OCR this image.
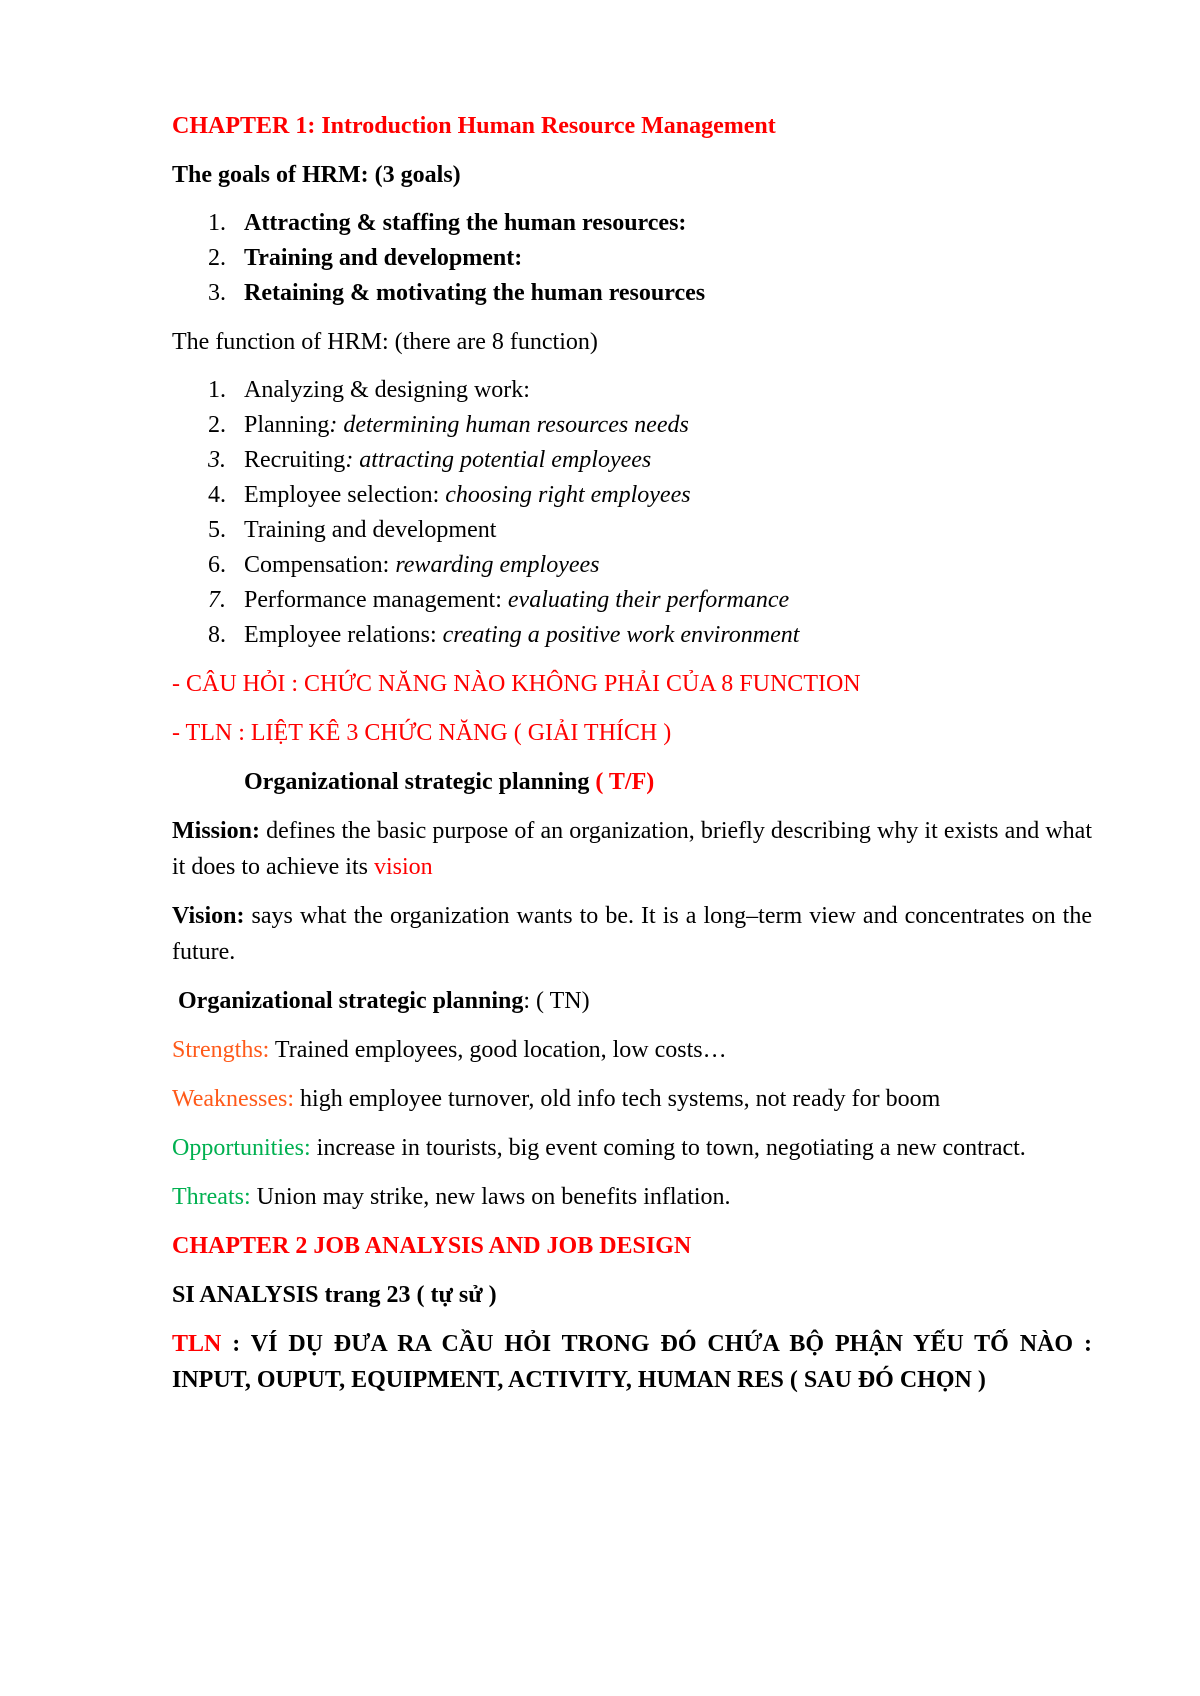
CHAPTER 1: Introduction Human Resource Management

The goals of HRM: (3 goals)

1. Attracting & staffing the human resources:
2. Training and development:
3. Retaining & motivating the human resources

The function of HRM: (there are 8 function)

1. Analyzing & designing work:
2. Planning: determining human resources needs
3. Recruiting: attracting potential employees
4. Employee selection: choosing right employees
5. Training and development
6. Compensation: rewarding employees
7. Performance management: evaluating their performance
8. Employee relations: creating a positive work environment

- CÂU HỎI : CHỨC NĂNG NÀO KHÔNG PHẢI CỦA 8 FUNCTION

- TLN : LIỆT KÊ 3 CHỨC NĂNG ( GIẢI THÍCH )

Organizational strategic planning ( T/F)

Mission: defines the basic purpose of an organization, briefly describing why it exists and what it does to achieve its vision

Vision: says what the organization wants to be. It is a long–term view and concentrates on the future.

Organizational strategic planning: ( TN)

Strengths: Trained employees, good location, low costs…

Weaknesses: high employee turnover, old info tech systems, not ready for boom

Opportunities: increase in tourists, big event coming to town, negotiating a new contract.

Threats: Union may strike, new laws on benefits inflation.

CHAPTER 2 JOB ANALYSIS AND JOB DESIGN

SI ANALYSIS trang 23 ( tự sử )

TLN : VÍ DỤ ĐƯA RA CẦU HỎI TRONG ĐÓ CHỨA BỘ PHẬN YẾU TỐ NÀO : INPUT, OUPUT, EQUIPMENT, ACTIVITY, HUMAN RES ( SAU ĐÓ CHỌN )
